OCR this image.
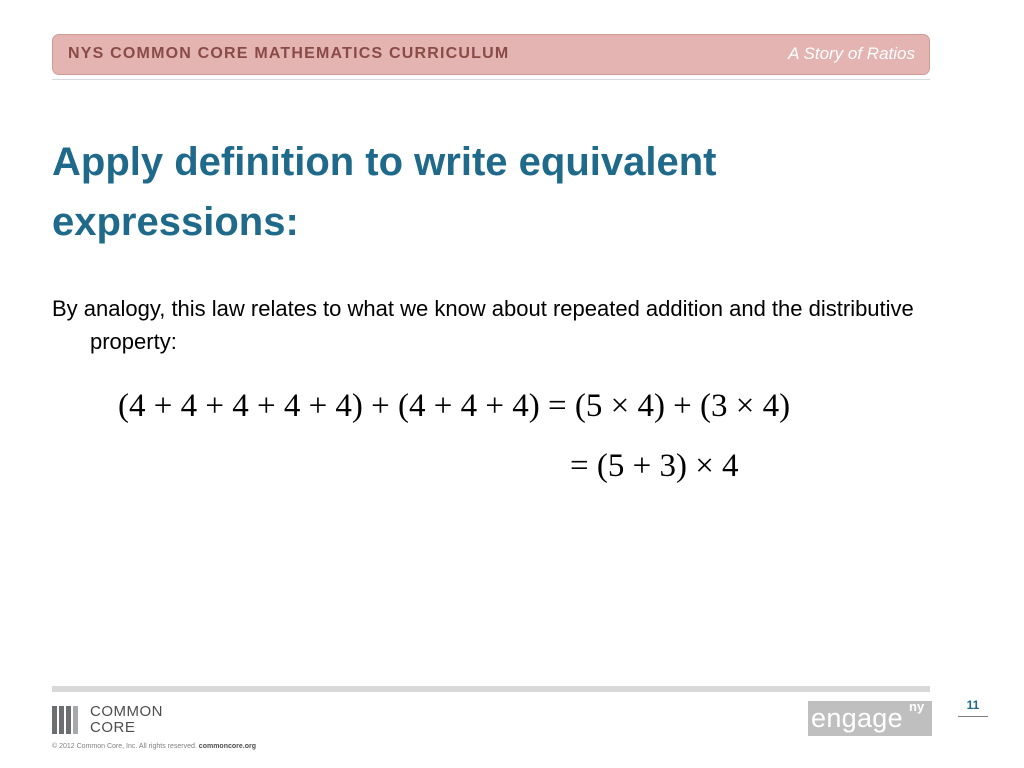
NYS COMMON CORE MATHEMATICS CURRICULUM	A Story of Ratios
Apply definition to write equivalent expressions:

By analogy, this law relates to what we know about repeated addition and the distributive property:

(4 + 4 + 4 + 4 + 4) + (4 + 4 + 4) = (5 × 4) + (3 × 4)
= (5 + 3) × 4
COMMON
CORE
© 2012 Common Core, Inc. All rights reserved. commoncore.org
engage ny	11
